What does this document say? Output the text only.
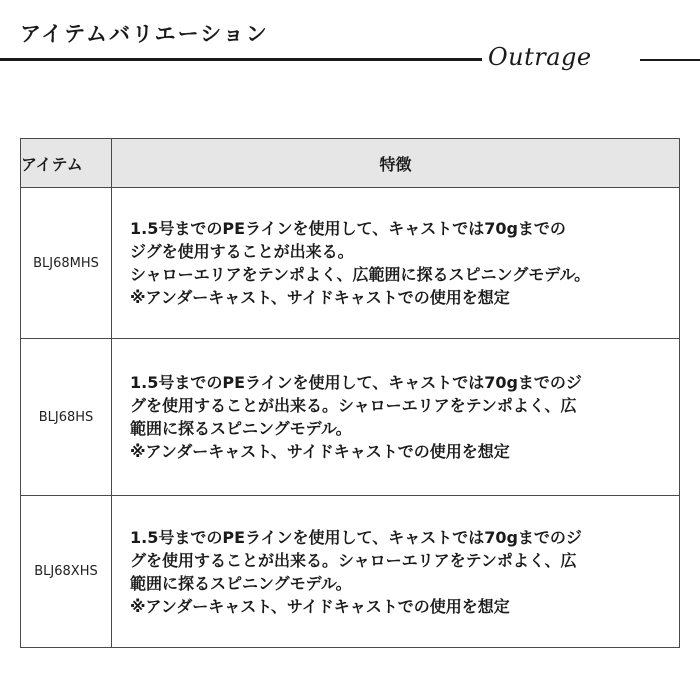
アイテムバリエーション
Outrage
アイテム	特徴
BLJ68MHS	1.5号までのPEラインを使用して、キャストでは70gまでの
ジグを使用することが出来る。
シャローエリアをテンポよく、広範囲に探るスピニングモデル。
※アンダーキャスト、サイドキャストでの使用を想定

BLJ68HS	1.5号までのPEラインを使用して、キャストでは70gまでのジ
グを使用することが出来る。シャローエリアをテンポよく、広
範囲に探るスピニングモデル。
※アンダーキャスト、サイドキャストでの使用を想定

BLJ68XHS	1.5号までのPEラインを使用して、キャストでは70gまでのジ
グを使用することが出来る。シャローエリアをテンポよく、広
範囲に探るスピニングモデル。
※アンダーキャスト、サイドキャストでの使用を想定
